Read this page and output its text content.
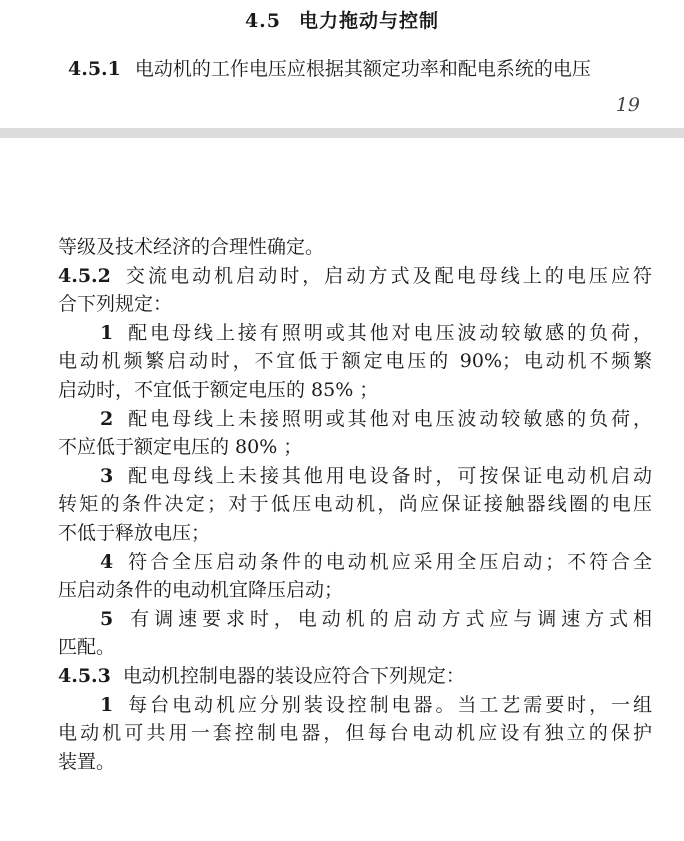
4.5 电力拖动与控制
4.5.1 电动机的工作电压应根据其额定功率和配电系统的电压
19
等级及技术经济的合理性确定。
4.5.2 交流电动机启动时，启动方式及配电母线上的电压应符
合下列规定：
1 配电母线上接有照明或其他对电压波动较敏感的负荷，
电动机频繁启动时，不宜低于额定电压的 90%；电动机不频繁
启动时，不宜低于额定电压的 85% ；
2 配电母线上未接照明或其他对电压波动较敏感的负荷，
不应低于额定电压的 80% ；
3 配电母线上未接其他用电设备时，可按保证电动机启动
转矩的条件决定；对于低压电动机，尚应保证接触器线圈的电压
不低于释放电压；
4 符合全压启动条件的电动机应采用全压启动；不符合全
压启动条件的电动机宜降压启动；
5 有调速要求时，电动机的启动方式应与调速方式相
匹配。
4.5.3 电动机控制电器的装设应符合下列规定：
1 每台电动机应分别装设控制电器。当工艺需要时，一组
电动机可共用一套控制电器，但每台电动机应设有独立的保护
装置。
